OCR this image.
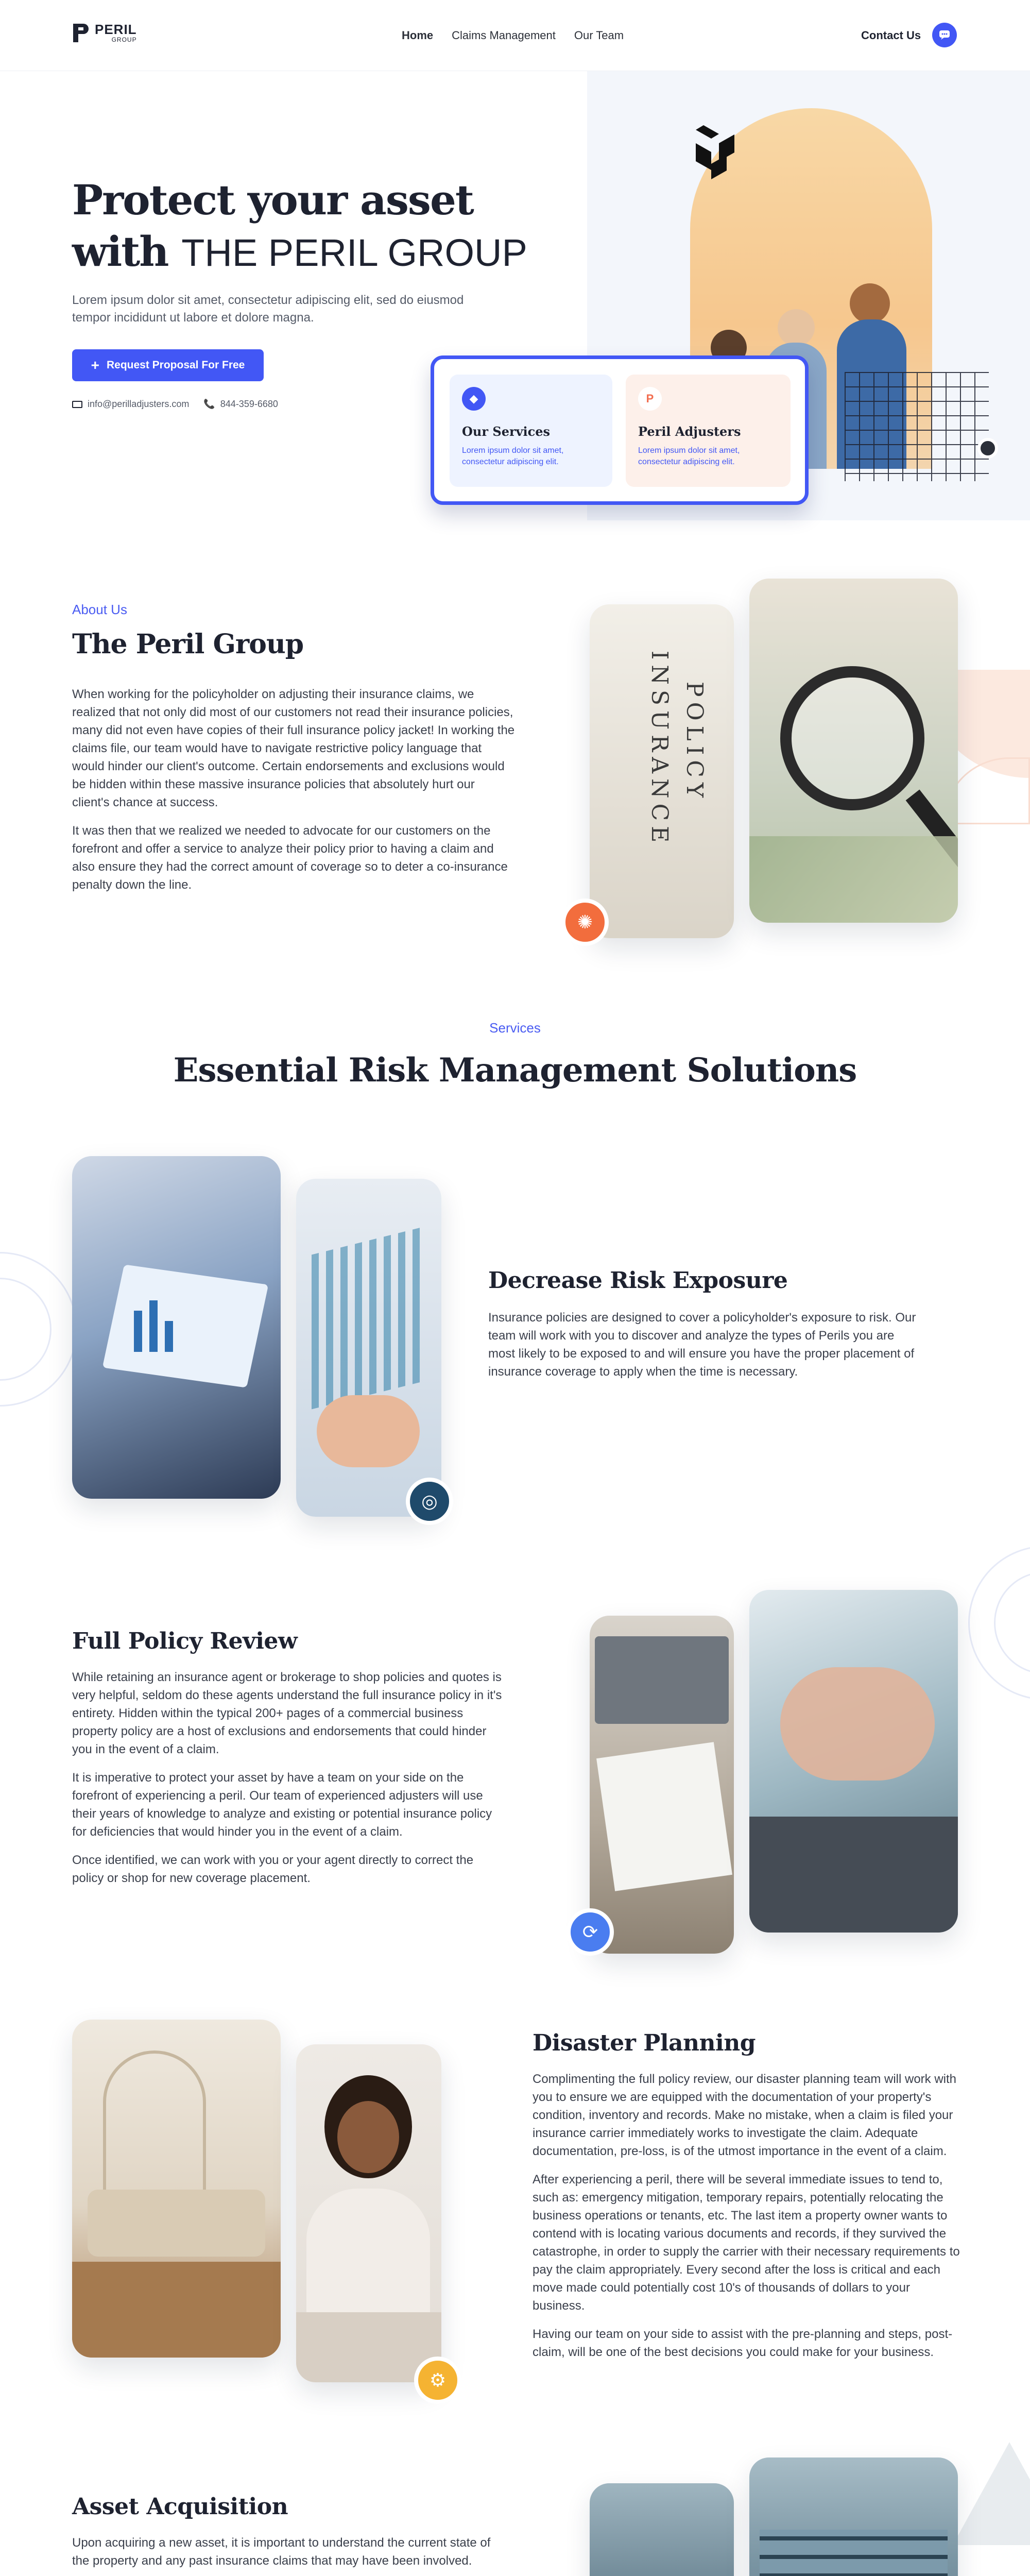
PERIL
GROUP	Home Claims Management Our Team	Contact Us
Protect your asset
with THE PERIL GROUP

Lorem ipsum dolor sit amet, consectetur adipiscing elit, sed do eiusmod tempor incididunt ut labore et dolore magna.

+ Request Proposal For Free
info@perilladjusters.com 📞 844-359-6680	◆
Our Services
Lorem ipsum dolor sit amet, consectetur adipiscing elit.
P
Peril Adjusters
Lorem ipsum dolor sit amet, consectetur adipiscing elit.
About Us
The Peril Group

When working for the policyholder on adjusting their insurance claims, we realized that not only did most of our customers not read their insurance policies, many did not even have copies of their full insurance policy jacket! In working the claims file, our team would have to navigate restrictive policy language that would hinder our client's outcome. Certain endorsements and exclusions would be hidden within these massive insurance policies that absolutely hurt our client's chance at success.

It was then that we realized we needed to advocate for our customers on the forefront and offer a service to analyze their policy prior to having a claim and also ensure they had the correct amount of coverage so to deter a co-insurance penalty down the line.

INSURANCE POLICY
✺
Services
Essential Risk Management Solutions
◎
Decrease Risk Exposure

Insurance policies are designed to cover a policyholder's exposure to risk. Our team will work with you to discover and analyze the types of Perils you are most likely to be exposed to and will ensure you have the proper placement of insurance coverage to apply when the time is necessary.

Full Policy Review

While retaining an insurance agent or brokerage to shop policies and quotes is very helpful, seldom do these agents understand the full insurance policy in it's entirety. Hidden within the typical 200+ pages of a commercial business property policy are a host of exclusions and endorsements that could hinder you in the event of a claim.

It is imperative to protect your asset by have a team on your side on the forefront of experiencing a peril. Our team of experienced adjusters will use their years of knowledge to analyze and existing or potential insurance policy for deficiencies that would hinder you in the event of a claim.

Once identified, we can work with you or your agent directly to correct the policy or shop for new coverage placement.

⟳
⚙
Disaster Planning

Complimenting the full policy review, our disaster planning team will work with you to ensure we are equipped with the documentation of your property's condition, inventory and records. Make no mistake, when a claim is filed your insurance carrier immediately works to investigate the claim. Adequate documentation, pre-loss, is of the utmost importance in the event of a claim.

After experiencing a peril, there will be several immediate issues to tend to, such as: emergency mitigation, temporary repairs, potentially relocating the business operations or tenants, etc. The last item a property owner wants to contend with is locating various documents and records, if they survived the catastrophe, in order to supply the carrier with their necessary requirements to pay the claim appropriately. Every second after the loss is critical and each move made could potentially cost 10's of thousands of dollars to your business.

Having our team on your side to assist with the pre-planning and steps, post-claim, will be one of the best decisions you could make for your business.

Asset Acquisition

Upon acquiring a new asset, it is important to understand the current state of the property and any past insurance claims that may have been involved.
